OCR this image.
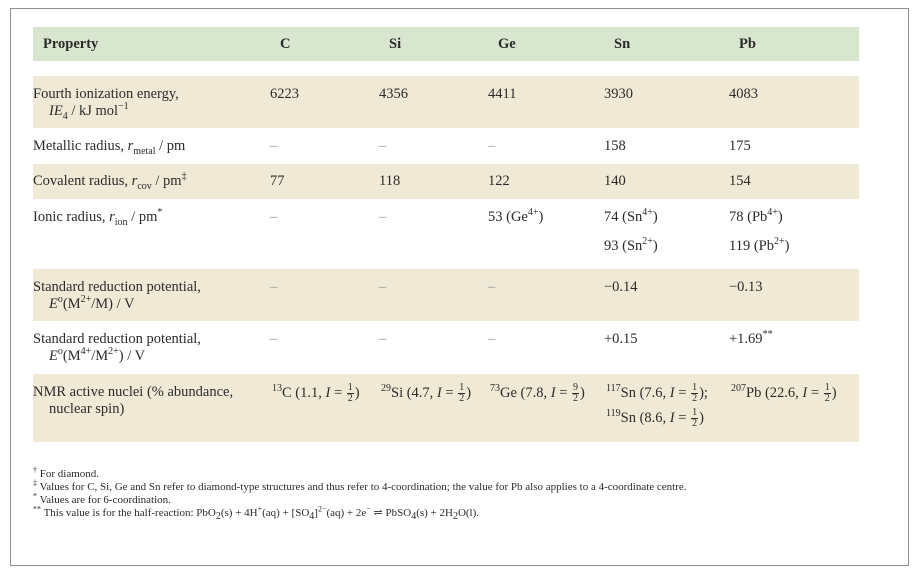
Property	C	Si	Ge	Sn	Pb

Fourth ionization energy,
$IE_4$ / kJ mol$^{-1}$	6223	4356	4411	3930	4083
Metallic radius, $r_{metal}$ / pm	–	–	–	158	175
Covalent radius, $r_{cov} / pm^\ddagger$	77	118	122	140	154
Ionic radius, $r_{ion} / pm^*$	–	–	53 $(Ge^{4+})$	74 $(Sn^{4+})$	78 $(Pb^{4+})$
				93 $(Sn^{2+})$	119 $(Pb^{2+})$
Standard reduction potential,
$E^o(M^{2+}/M)$ / V	–	–	–	−0.14	−0.13
Standard reduction potential,
$E^o(M^{4+}/M^{2+})$ / V	–	–	–	+0.15	+1.69**
NMR active nuclei (% abundance,
nuclear spin)	$^{13}$C (1.1, $I = \frac{1}{2}$ )	$^{29}$Si (4.7, $I = \frac{1}{2}$ )	$^{73}$Ge (7.8, $I = \frac{9}{2}$ )	$^{117}$Sn (7.6, $I = \frac{1}{2}$ );	$^{207}$Pb (22.6, $I = \frac{1}{2}$ )
				$^{119}$Sn (8.6, $I = \frac{1}{2}$ )	
† For diamond.
‡ Values for C, Si, Ge and Sn refer to diamond-type structures and thus refer to 4-coordination; the value for Pb also applies to a 4-coordinate centre.
* Values are for 6-coordination.
** This value is for the half-reaction: $PbO_2(s) + 4H^+(aq) + [SO_4]^{2-}(aq) + 2e^-$ ⇌ PbSO$_4$(s) + $2H_2O(l)$.
